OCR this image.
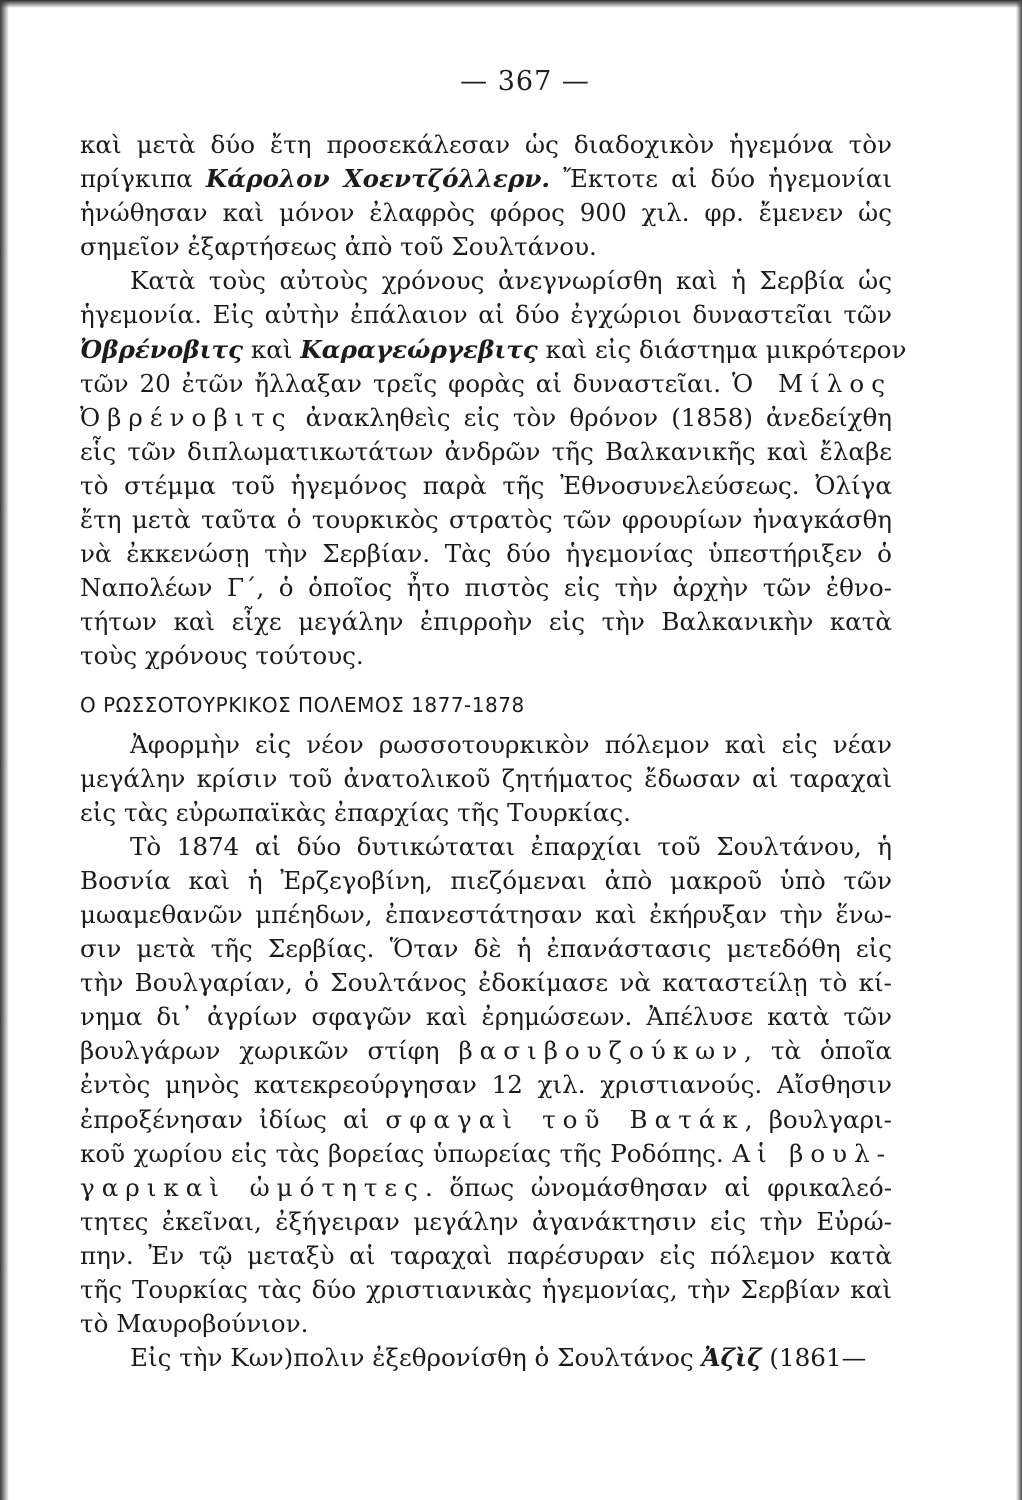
— 367 —
καὶ μετὰ δύο ἔτη προσεκάλεσαν ὡς διαδοχικὸν ἡγεμόνα τὸν
πρίγκιπα Κάρολον Χοεντζόλλερν. Ἔκτοτε αἱ δύο ἡγεμονίαι
ἡνώθησαν καὶ μόνον ἐλαφρὸς φόρος 900 χιλ. φρ. ἔμενεν ὡς
σημεῖον ἐξαρτήσεως ἀπὸ τοῦ Σουλτάνου.
Κατὰ τοὺς αὐτοὺς χρόνους ἀνεγνωρίσθη καὶ ἡ Σερβία ὡς
ἡγεμονία. Εἰς αὐτὴν ἐπάλαιον αἱ δύο ἐγχώριοι δυναστεῖαι τῶν
Ὀβρένοβιτς καὶ Καραγεώργεβιτς καὶ εἰς διάστημα μικρότερον
τῶν 20 ἐτῶν ἤλλαξαν τρεῖς φορὰς αἱ δυναστεῖαι. Ὁ Μίλος
Ὀβρένοβιτς ἀνακληθεὶς εἰς τὸν θρόνον (1858) ἀνεδείχθη
εἷς τῶν διπλωματικωτάτων ἀνδρῶν τῆς Βαλκανικῆς καὶ ἔλαβε
τὸ στέμμα τοῦ ἡγεμόνος παρὰ τῆς Ἐθνοσυνελεύσεως. Ὀλίγα
ἔτη μετὰ ταῦτα ὁ τουρκικὸς στρατὸς τῶν φρουρίων ἠναγκάσθη
νὰ ἐκκενώσῃ τὴν Σερβίαν. Τὰς δύο ἡγεμονίας ὑπεστήριξεν ὁ
Ναπολέων Γ΄, ὁ ὁποῖος ἦτο πιστὸς εἰς τὴν ἀρχὴν τῶν ἐθνο-
τήτων καὶ εἶχε μεγάλην ἐπιρροὴν εἰς τὴν Βαλκανικὴν κατὰ
τοὺς χρόνους τούτους.
Ο ΡΩΣΣΟΤΟΥΡΚΙΚΟΣ ΠΟΛΕΜΟΣ 1877-1878
Ἀφορμὴν εἰς νέον ρωσσοτουρκικὸν πόλεμον καὶ εἰς νέαν
μεγάλην κρίσιν τοῦ ἀνατολικοῦ ζητήματος ἔδωσαν αἱ ταραχαὶ
εἰς τὰς εὐρωπαϊκὰς ἐπαρχίας τῆς Τουρκίας.
Τὸ 1874 αἱ δύο δυτικώταται ἐπαρχίαι τοῦ Σουλτάνου, ἡ
Βοσνία καὶ ἡ Ἐρζεγοβίνη, πιεζόμεναι ἀπὸ μακροῦ ὑπὸ τῶν
μωαμεθανῶν μπέηδων, ἐπανεστάτησαν καὶ ἐκήρυξαν τὴν ἕνω-
σιν μετὰ τῆς Σερβίας. Ὅταν δὲ ἡ ἐπανάστασις μετεδόθη εἰς
τὴν Βουλγαρίαν, ὁ Σουλτάνος ἐδοκίμασε νὰ καταστείλῃ τὸ κί-
νημα δι᾽ ἀγρίων σφαγῶν καὶ ἐρημώσεων. Ἀπέλυσε κατὰ τῶν
βουλγάρων χωρικῶν στίφη βασιβουζούκων, τὰ ὁποῖα
ἐντὸς μηνὸς κατεκρεούργησαν 12 χιλ. χριστιανούς. Αἴσθησιν
ἐπροξένησαν ἰδίως αἱ σφαγαὶ τοῦ Βατάκ, βουλγαρι-
κοῦ χωρίου εἰς τὰς βορείας ὑπωρείας τῆς Ροδόπης. Αἱ βουλ-
γαρικαὶ ὠμότητες. ὅπως ὠνομάσθησαν αἱ φρικαλεό-
τητες ἐκεῖναι, ἐξήγειραν μεγάλην ἀγανάκτησιν εἰς τὴν Εὐρώ-
πην. Ἐν τῷ μεταξὺ αἱ ταραχαὶ παρέσυραν εἰς πόλεμον κατὰ
τῆς Τουρκίας τὰς δύο χριστιανικὰς ἡγεμονίας, τὴν Σερβίαν καὶ
τὸ Μαυροβούνιον.
Εἰς τὴν Κων)πολιν ἐξεθρονίσθη ὁ Σουλτάνος Ἀζὶζ (1861—
